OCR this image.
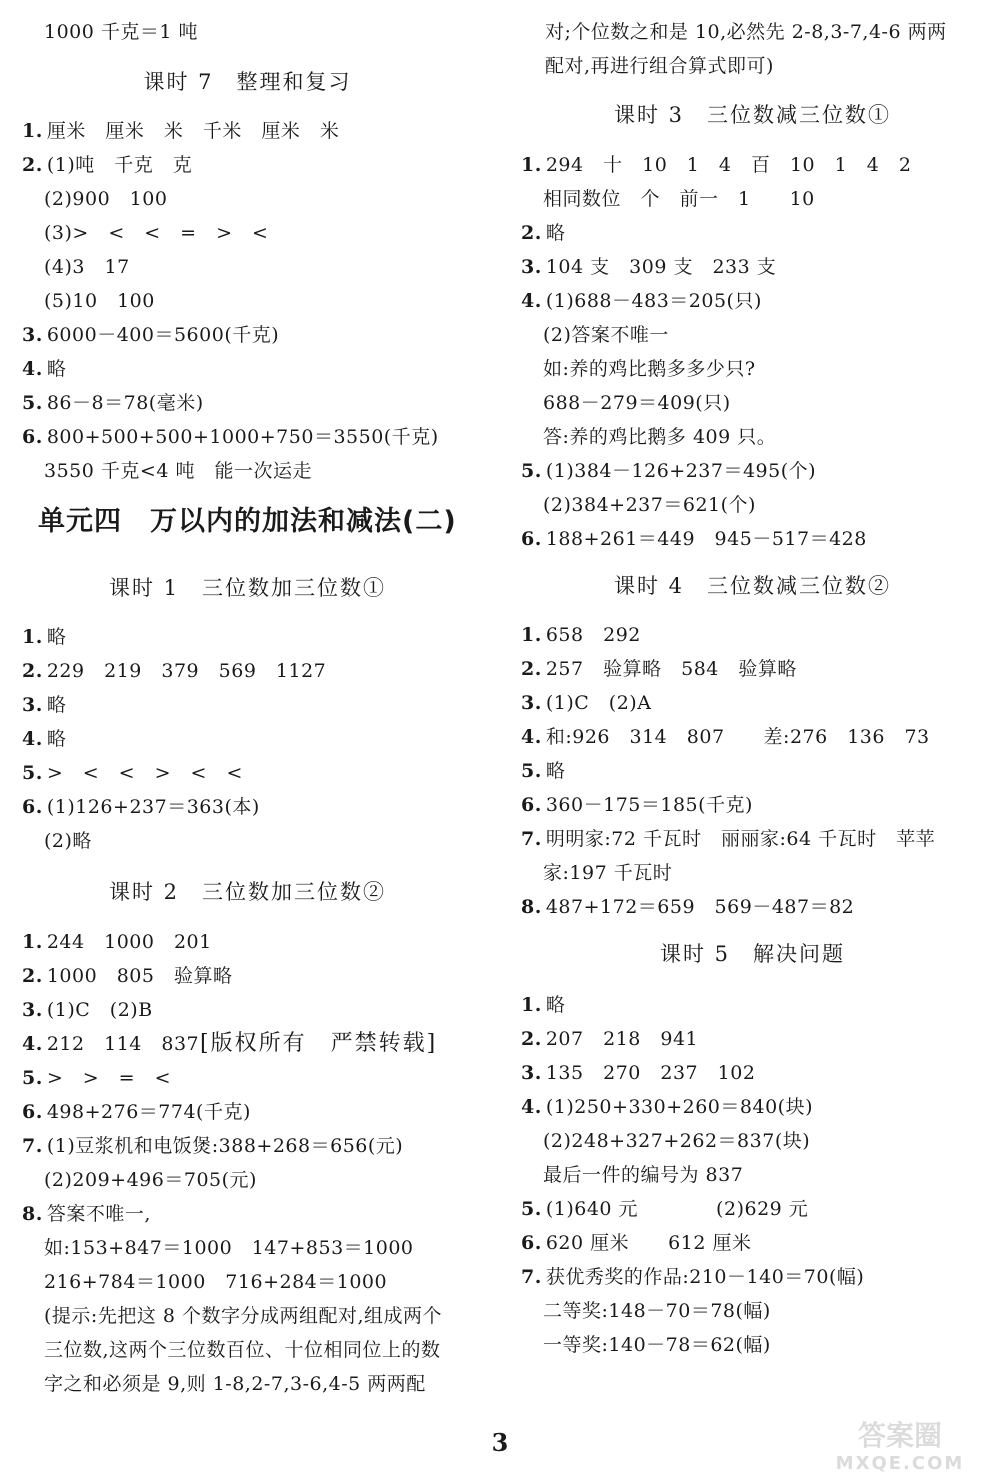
1000 千克＝1 吨
课时 7　整理和复习
1. 厘米　厘米　米　千米　厘米　米
2. (1)吨　千克　克
(2)900　100
(3)>　<　<　=　>　<
(4)3　17
(5)10　100
3. 6000－400＝5600(千克)
4. 略
5. 86－8＝78(毫米)
6. 800+500+500+1000+750＝3550(千克)
3550 千克<4 吨　能一次运走
单元四　万以内的加法和减法(二)
课时 1　三位数加三位数①
1. 略
2. 229　219　379　569　1127
3. 略
4. 略
5. >　<　<　>　<　<
6. (1)126+237＝363(本)
(2)略
课时 2　三位数加三位数②
1. 244　1000　201
2. 1000　805　验算略
3. (1)C　(2)B
4. 212　114　837
5. >　>　=　<
6. 498+276＝774(千克)
7. (1)豆浆机和电饭煲:388+268＝656(元)
(2)209+496＝705(元)
8. 答案不唯一,
如:153+847＝1000　147+853＝1000
216+784＝1000　716+284＝1000
(提示:先把这 8 个数字分成两组配对,组成两个
三位数,这两个三位数百位、十位相同位上的数
字之和必须是 9,则 1-8,2-7,3-6,4-5 两两配
[版权所有　严禁转载]
对;个位数之和是 10,必然先 2-8,3-7,4-6 两两
配对,再进行组合算式即可)
课时 3　三位数减三位数①
1. 294　十　10　1　4　百　10　1　4　2
相同数位　个　前一　1　　10
2. 略
3. 104 支　309 支　233 支
4. (1)688－483＝205(只)
(2)答案不唯一
如:养的鸡比鹅多多少只?
688－279＝409(只)
答:养的鸡比鹅多 409 只。
5. (1)384－126+237＝495(个)
(2)384+237＝621(个)
6. 188+261＝449　945－517＝428
课时 4　三位数减三位数②
1. 658　292
2. 257　验算略　584　验算略
3. (1)C　(2)A
4. 和:926　314　807　　差:276　136　73
5. 略
6. 360－175＝185(千克)
7. 明明家:72 千瓦时　丽丽家:64 千瓦时　苹苹
家:197 千瓦时
8. 487+172＝659　569－487＝82
课时 5　解决问题
1. 略
2. 207　218　941
3. 135　270　237　102
4. (1)250+330+260＝840(块)
(2)248+327+262＝837(块)
最后一件的编号为 837
5. (1)640 元　　　　(2)629 元
6. 620 厘米　　612 厘米
7. 获优秀奖的作品:210－140＝70(幅)
二等奖:148－70＝78(幅)
一等奖:140－78＝62(幅)
3	答案圈
MXQE.COM
